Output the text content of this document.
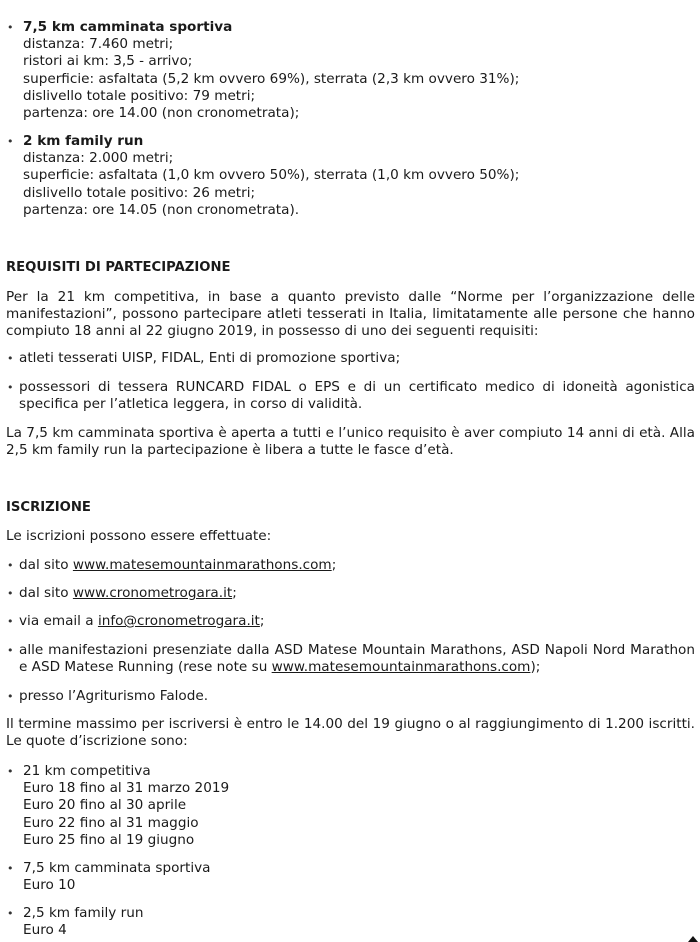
• 7,5 km camminata sportiva
distanza: 7.460 metri;
ristori ai km: 3,5 - arrivo;
superficie: asfaltata (5,2 km ovvero 69%), sterrata (2,3 km ovvero 31%);
dislivello totale positivo: 79 metri;
partenza: ore 14.00 (non cronometrata);
• 2 km family run
distanza: 2.000 metri;
superficie: asfaltata (1,0 km ovvero 50%), sterrata (1,0 km ovvero 50%);
dislivello totale positivo: 26 metri;
partenza: ore 14.05 (non cronometrata).
REQUISITI DI PARTECIPAZIONE
Per la 21 km competitiva, in base a quanto previsto dalle “Norme per l’organizzazione delle manifestazioni”, possono partecipare atleti tesserati in Italia, limitatamente alle persone che hanno compiuto 18 anni al 22 giugno 2019, in possesso di uno dei seguenti requisiti:
• atleti tesserati UISP, FIDAL, Enti di promozione sportiva;
• possessori di tessera RUNCARD FIDAL o EPS e di un certificato medico di idoneità agonistica specifica per l’atletica leggera, in corso di validità.
La 7,5 km camminata sportiva è aperta a tutti e l’unico requisito è aver compiuto 14 anni di età. Alla 2,5 km family run la partecipazione è libera a tutte le fasce d’età.
ISCRIZIONE
Le iscrizioni possono essere effettuate:
• dal sito www.matesemountainmarathons.com;
• dal sito www.cronometrogara.it;
• via email a info@cronometrogara.it;
• alle manifestazioni presenziate dalla ASD Matese Mountain Marathons, ASD Napoli Nord Marathon e ASD Matese Running (rese note su www.matesemountainmarathons.com);
• presso l’Agriturismo Falode.
Il termine massimo per iscriversi è entro le 14.00 del 19 giugno o al raggiungimento di 1.200 iscritti. Le quote d’iscrizione sono:
• 21 km competitiva
Euro 18 fino al 31 marzo 2019
Euro 20 fino al 30 aprile
Euro 22 fino al 31 maggio
Euro 25 fino al 19 giugno
• 7,5 km camminata sportiva
Euro 10
• 2,5 km family run
Euro 4
